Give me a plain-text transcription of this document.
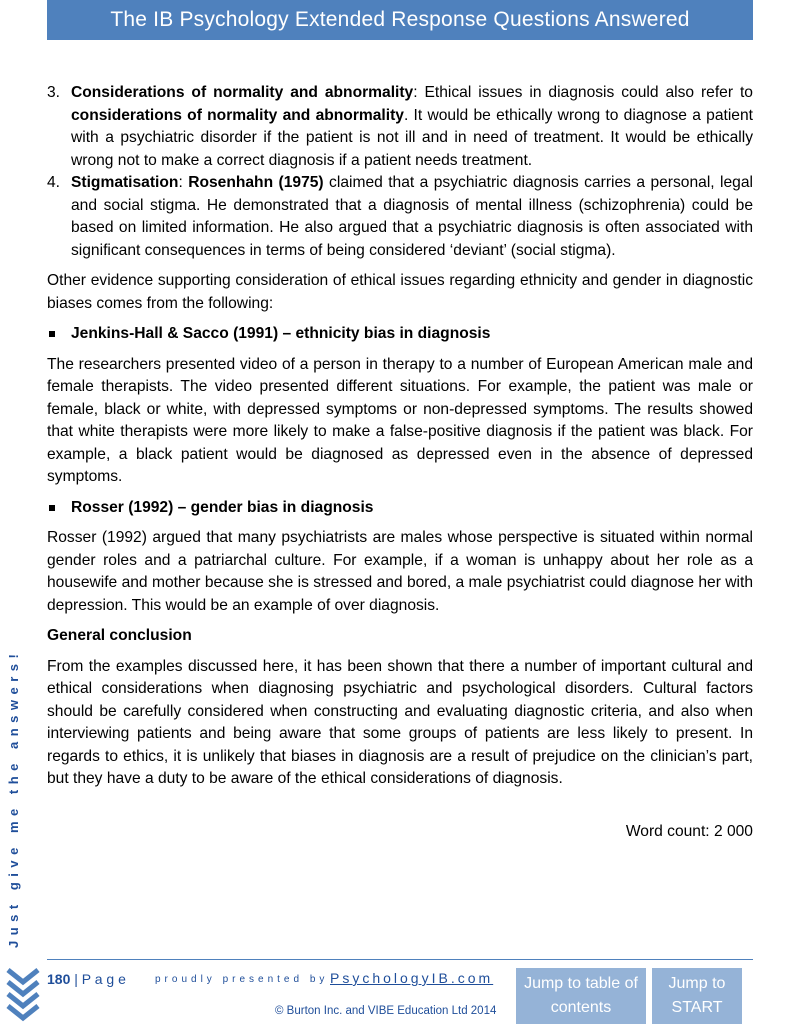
The IB Psychology Extended Response Questions Answered
3. Considerations of normality and abnormality: Ethical issues in diagnosis could also refer to considerations of normality and abnormality. It would be ethically wrong to diagnose a patient with a psychiatric disorder if the patient is not ill and in need of treatment. It would be ethically wrong not to make a correct diagnosis if a patient needs treatment.
4. Stigmatisation: Rosenhahn (1975) claimed that a psychiatric diagnosis carries a personal, legal and social stigma. He demonstrated that a diagnosis of mental illness (schizophrenia) could be based on limited information. He also argued that a psychiatric diagnosis is often associated with significant consequences in terms of being considered ‘deviant’ (social stigma).

Other evidence supporting consideration of ethical issues regarding ethnicity and gender in diagnostic biases comes from the following:

Jenkins-Hall & Sacco (1991) – ethnicity bias in diagnosis

The researchers presented video of a person in therapy to a number of European American male and female therapists. The video presented different situations. For example, the patient was male or female, black or white, with depressed symptoms or non-depressed symptoms. The results showed that white therapists were more likely to make a false-positive diagnosis if the patient was black. For example, a black patient would be diagnosed as depressed even in the absence of depressed symptoms.

Rosser (1992) – gender bias in diagnosis

Rosser (1992) argued that many psychiatrists are males whose perspective is situated within normal gender roles and a patriarchal culture. For example, if a woman is unhappy about her role as a housewife and mother because she is stressed and bored, a male psychiatrist could diagnose her with depression. This would be an example of over diagnosis.

General conclusion

From the examples discussed here, it has been shown that there a number of important cultural and ethical considerations when diagnosing psychiatric and psychological disorders. Cultural factors should be carefully considered when constructing and evaluating diagnostic criteria, and also when interviewing patients and being aware that some groups of patients are less likely to present. In regards to ethics, it is unlikely that biases in diagnosis are a result of prejudice on the clinician’s part, but they have a duty to be aware of the ethical considerations of diagnosis.

Word count: 2 000
Just give me the answers!
180 | P a g e	proudly presented by PsychologyIB.com
© Burton Inc. and VIBE Education Ltd 2014
Jump to table of contents
Jump to START
